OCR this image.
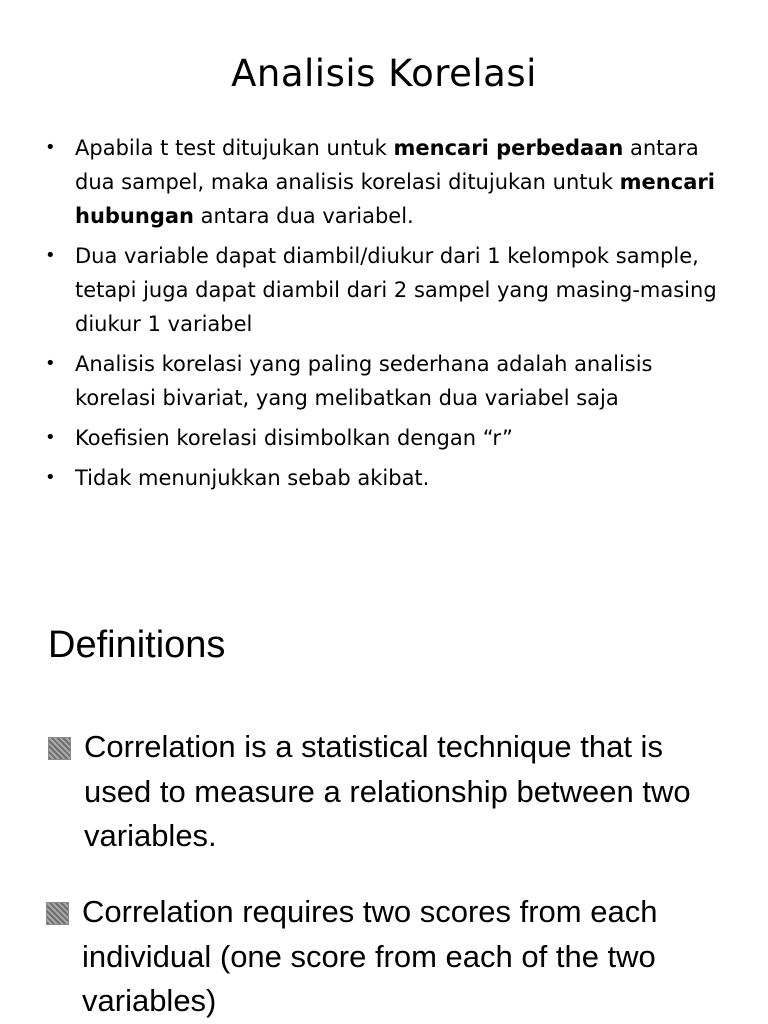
Analisis Korelasi
• Apabila t test ditujukan untuk mencari perbedaan antara dua sampel, maka analisis korelasi ditujukan untuk mencari hubungan antara dua variabel.
• Dua variable dapat diambil/diukur dari 1 kelompok sample, tetapi juga dapat diambil dari 2 sampel yang masing-masing diukur 1 variabel
• Analisis korelasi yang paling sederhana adalah analisis korelasi bivariat, yang melibatkan dua variabel saja
• Koefisien korelasi disimbolkan dengan “r”
• Tidak menunjukkan sebab akibat.
Definitions
Correlation is a statistical technique that is used to measure a relationship between two variables.
Correlation requires two scores from each individual (one score from each of the two variables)
